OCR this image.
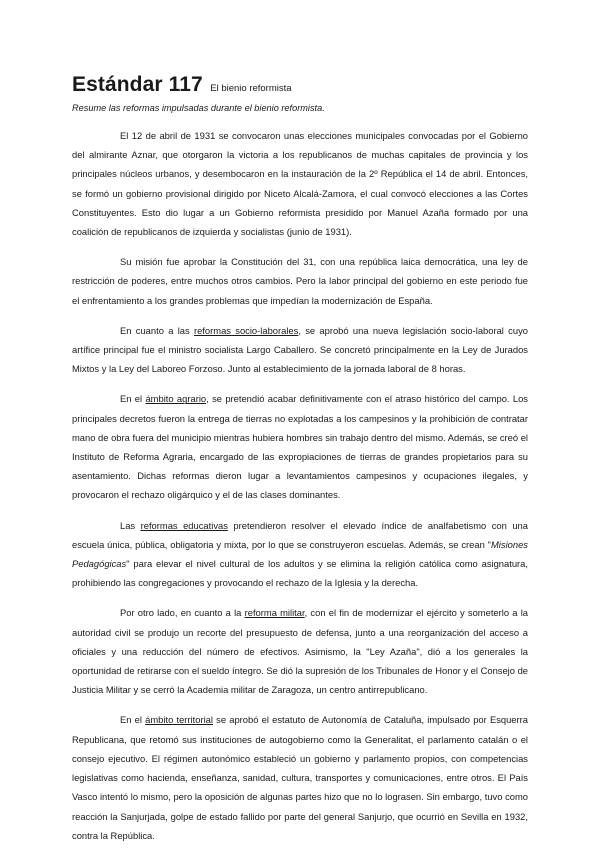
Estándar 117 El bienio reformista
Resume las reformas impulsadas durante el bienio reformista.

El 12 de abril de 1931 se convocaron unas elecciones municipales convocadas por el Gobierno del almirante Aznar, que otorgaron la victoria a los republicanos de muchas capitales de provincia y los principales núcleos urbanos, y desembocaron en la instauración de la 2º República el 14 de abril. Entonces, se formó un gobierno provisional dirigido por Niceto Alcalá-Zamora, el cual convocó elecciones a las Cortes Constituyentes. Esto dio lugar a un Gobierno reformista presidido por Manuel Azaña formado por una coalición de republicanos de izquierda y socialistas (junio de 1931).

Su misión fue aprobar la Constitución del 31, con una república laica democrática, una ley de restricción de poderes, entre muchos otros cambios. Pero la labor principal del gobierno en este periodo fue el enfrentamiento a los grandes problemas que impedían la modernización de España.

En cuanto a las reformas socio-laborales, se aprobó una nueva legislación socio-laboral cuyo artífice principal fue el ministro socialista Largo Caballero. Se concretó principalmente en la Ley de Jurados Mixtos y la Ley del Laboreo Forzoso. Junto al establecimiento de la jornada laboral de 8 horas.

En el ámbito agrario, se pretendió acabar definitivamente con el atraso histórico del campo. Los principales decretos fueron la entrega de tierras no explotadas a los campesinos y la prohibición de contratar mano de obra fuera del municipio mientras hubiera hombres sin trabajo dentro del mismo. Además, se creó el Instituto de Reforma Agraria, encargado de las expropiaciones de tierras de grandes propietarios para su asentamiento. Dichas reformas dieron lugar a levantamientos campesinos y ocupaciones ilegales, y provocaron el rechazo oligárquico y el de las clases dominantes.

Las reformas educativas pretendieron resolver el elevado índice de analfabetismo con una escuela única, pública, obligatoria y mixta, por lo que se construyeron escuelas. Además, se crean "Misiones Pedagógicas" para elevar el nivel cultural de los adultos y se elimina la religión católica como asignatura, prohibiendo las congregaciones y provocando el rechazo de la Iglesia y la derecha.

Por otro lado, en cuanto a la reforma militar, con el fin de modernizar el ejército y someterlo a la autoridad civil se produjo un recorte del presupuesto de defensa, junto a una reorganización del acceso a oficiales y una reducción del número de efectivos. Asimismo, la "Ley Azaña", dió a los generales la oportunidad de retirarse con el sueldo íntegro. Se dió la supresión de los Tribunales de Honor y el Consejo de Justicia Militar y se cerró la Academia militar de Zaragoza, un centro antirrepublicano.

En el ámbito territorial se aprobó el estatuto de Autonomía de Cataluña, impulsado por Esquerra Republicana, que retomó sus instituciones de autogobierno como la Generalitat, el parlamento catalán o el consejo ejecutivo. El régimen autonómico estableció un gobierno y parlamento propios, con competencias legislativas como hacienda, enseñanza, sanidad, cultura, transportes y comunicaciones, entre otros. El País Vasco intentó lo mismo, pero la oposición de algunas partes hizo que no lo lograsen. Sin embargo, tuvo como reacción la Sanjurjada, golpe de estado fallido por parte del general Sanjurjo, que ocurrió en Sevilla en 1932, contra la República.
